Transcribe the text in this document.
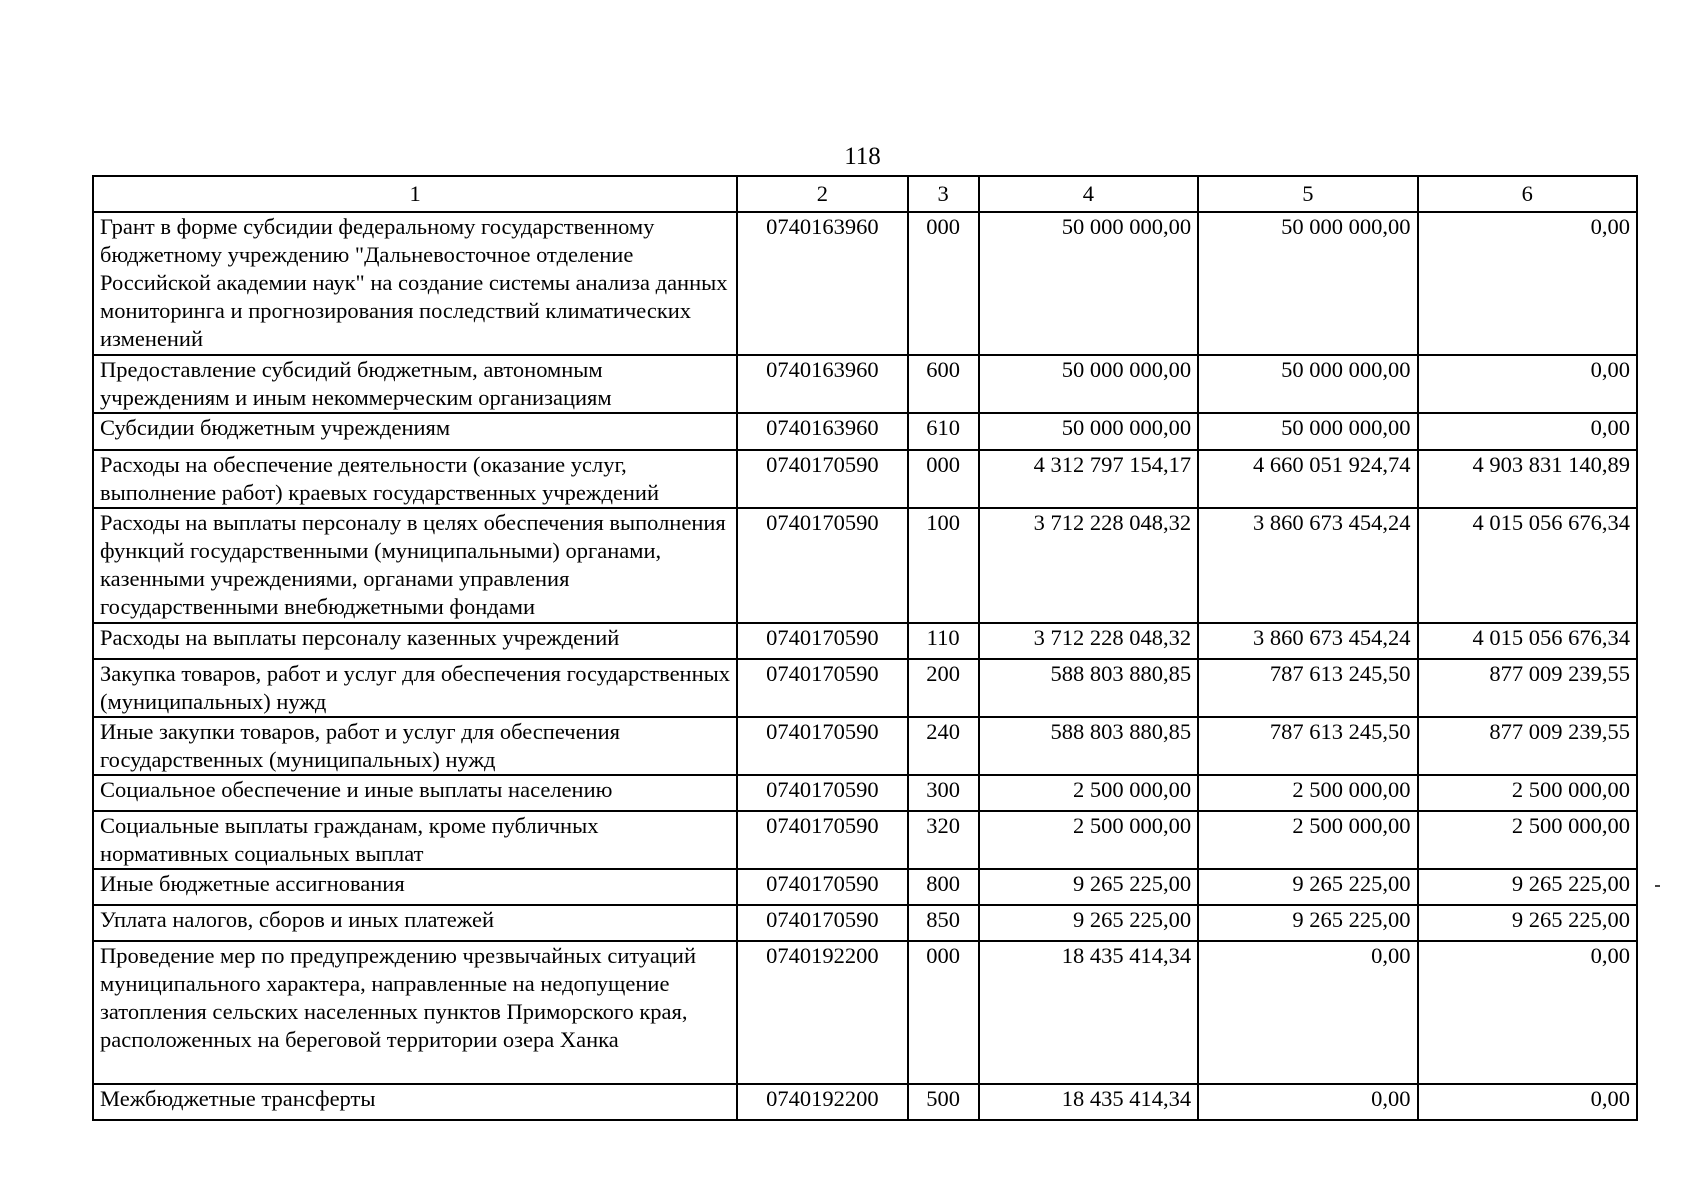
118
1	2	3	4	5	6
Грант в форме субсидии федеральному государственному бюджетному учреждению "Дальневосточное отделение Российской академии наук" на создание системы анализа данных мониторинга и прогнозирования последствий климатических изменений	0740163960	000	50 000 000,00	50 000 000,00	0,00
Предоставление субсидий бюджетным, автономным учреждениям и иным некоммерческим организациям	0740163960	600	50 000 000,00	50 000 000,00	0,00
Субсидии бюджетным учреждениям	0740163960	610	50 000 000,00	50 000 000,00	0,00
Расходы на обеспечение деятельности (оказание услуг, выполнение работ) краевых государственных учреждений	0740170590	000	4 312 797 154,17	4 660 051 924,74	4 903 831 140,89
Расходы на выплаты персоналу в целях обеспечения выполнения функций государственными (муниципальными) органами, казенными учреждениями, органами управления государственными внебюджетными фондами	0740170590	100	3 712 228 048,32	3 860 673 454,24	4 015 056 676,34
Расходы на выплаты персоналу казенных учреждений	0740170590	110	3 712 228 048,32	3 860 673 454,24	4 015 056 676,34
Закупка товаров, работ и услуг для обеспечения государственных (муниципальных) нужд	0740170590	200	588 803 880,85	787 613 245,50	877 009 239,55
Иные закупки товаров, работ и услуг для обеспечения государственных (муниципальных) нужд	0740170590	240	588 803 880,85	787 613 245,50	877 009 239,55
Социальное обеспечение и иные выплаты населению	0740170590	300	2 500 000,00	2 500 000,00	2 500 000,00
Социальные выплаты гражданам, кроме публичных нормативных социальных выплат	0740170590	320	2 500 000,00	2 500 000,00	2 500 000,00
Иные бюджетные ассигнования	0740170590	800	9 265 225,00	9 265 225,00	9 265 225,00
Уплата налогов, сборов и иных платежей	0740170590	850	9 265 225,00	9 265 225,00	9 265 225,00
Проведение мер по предупреждению чрезвычайных ситуаций муниципального характера, направленные на недопущение затопления сельских населенных пунктов Приморского края, расположенных на береговой территории озера Ханка	0740192200	000	18 435 414,34	0,00	0,00
Межбюджетные трансферты	0740192200	500	18 435 414,34	0,00	0,00
